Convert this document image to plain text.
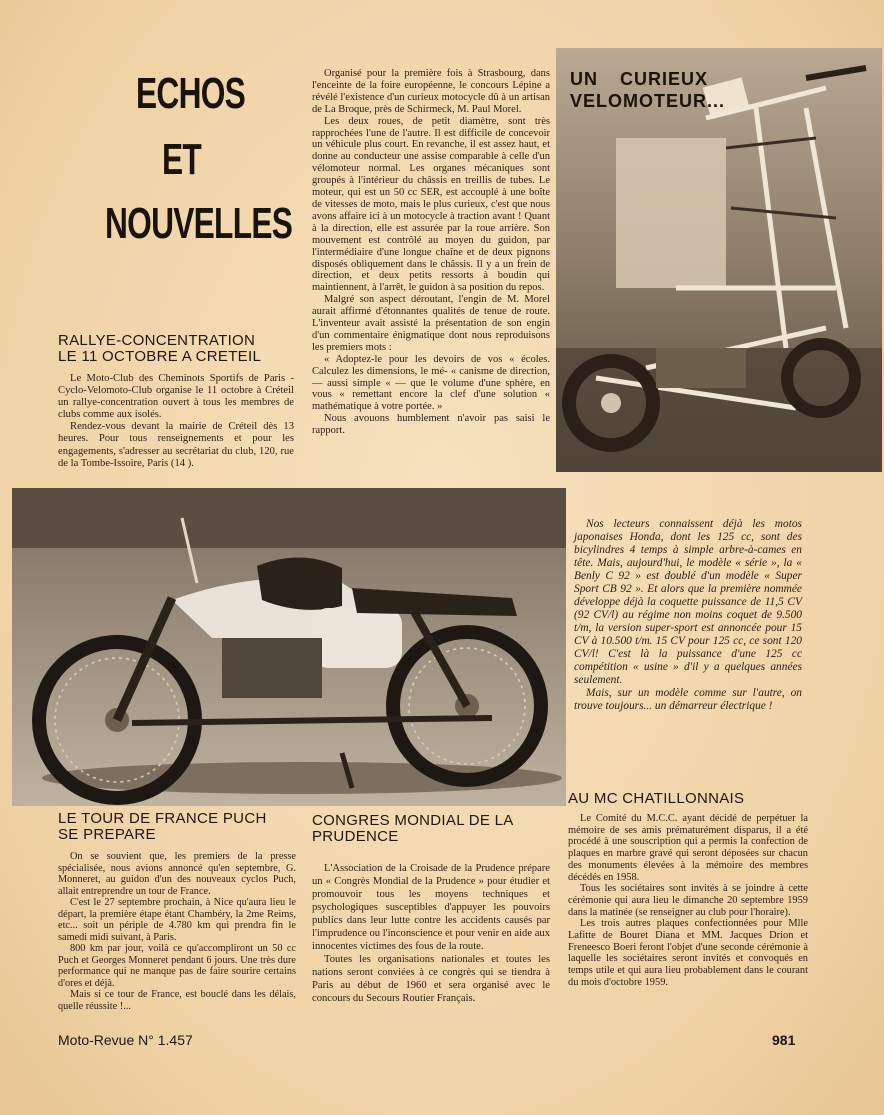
ECHOS
ET
NOUVELLES
RALLYE-CONCENTRATION
LE 11 OCTOBRE A CRETEIL

Le Moto-Club des Cheminots Sportifs de Paris - Cyclo-Velomoto-Club organise le 11 octobre à Créteil un rallye-concentration ouvert à tous les membres de clubs comme aux isolés.

Rendez-vous devant la mairie de Créteil dès 13 heures. Pour tous renseignements et pour les engagements, s'adresser au secrétariat du club, 120, rue de la Tombe-Issoire, Paris (14 ).

Organisé pour la première fois à Strasbourg, dans l'enceinte de la foire européenne, le concours Lépine a révélé l'existence d'un curieux motocycle dû à un artisan de La Broque, près de Schirmeck, M. Paul Morel.

Les deux roues, de petit diamètre, sont très rapprochées l'une de l'autre. Il est difficile de concevoir un véhicule plus court. En revanche, il est assez haut, et donne au conducteur une assise comparable à celle d'un vélomoteur normal. Les organes mécaniques sont groupés à l'intérieur du châssis en treillis de tubes. Le moteur, qui est un 50 cc SER, est accouplé à une boîte de vitesses de moto, mais le plus curieux, c'est que nous avons affaire ici à un motocycle à traction avant ! Quant à la direction, elle est assurée par la roue arrière. Son mouvement est contrôlé au moyen du guidon, par l'intermédiaire d'une longue chaîne et de deux pignons disposés obliquement dans le châssis. Il y a un frein de direction, et deux petits ressorts à boudin qui maintiennent, à l'arrêt, le guidon à sa position du repos.

Malgré son aspect déroutant, l'engin de M. Morel aurait affirmé d'étonnantes qualités de tenue de route. L'inventeur avait assisté la présentation de son engin d'un commentaire énigmatique dont nous reproduisons les premiers mots :

« Adoptez-le pour les devoirs de vos « écoles. Calculez les dimensions, le mé- « canisme de direction, — aussi simple « — que le volume d'une sphère, en vous « remettant encore la clef d'une solution « mathématique à votre portée. »

Nous avouons humblement n'avoir pas saisi le rapport.

UN CURIEUX
VELOMOTEUR...

Nos lecteurs connaissent déjà les motos japonaises Honda, dont les 125 cc, sont des bicylindres 4 temps à simple arbre-à-cames en tête. Mais, aujourd'hui, le modèle « série », la « Benly C 92 » est doublé d'un modèle « Super Sport CB 92 ». Et alors que la première nommée développe déjà la coquette puissance de 11,5 CV (92 CV/l) au régime non moins coquet de 9.500 t/m, la version super-sport est annoncée pour 15 CV à 10.500 t/m. 15 CV pour 125 cc, ce sont 120 CV/l! C'est là la puissance d'une 125 cc compétition « usine » d'il y a quelques années seulement.

Mais, sur un modèle comme sur l'autre, on trouve toujours... un démarreur électrique !

LE TOUR DE FRANCE PUCH
SE PREPARE

On se souvient que, les premiers de la presse spécialisée, nous avions annoncé qu'en septembre, G. Monneret, au guidon d'un des nouveaux cyclos Puch, allait entreprendre un tour de France.

C'est le 27 septembre prochain, à Nice qu'aura lieu le départ, la première étape étant Chambéry, la 2me Reims, etc... soit un périple de 4.780 km qui prendra fin le samedi midi suivant, à Paris.

800 km par jour, voilà ce qu'accompliront un 50 cc Puch et Georges Monneret pendant 6 jours. Une très dure performance qui ne manque pas de faire sourire certains d'ores et déjà.

Mais si ce tour de France, est bouclé dans les délais, quelle réussite !...

CONGRES MONDIAL DE LA
PRUDENCE

L'Association de la Croisade de la Prudence prépare un « Congrès Mondial de la Prudence » pour étudier et promouvoir tous les moyens techniques et psychologiques susceptibles d'appuyer les pouvoirs publics dans leur lutte contre les accidents causés par l'imprudence ou l'inconscience et pour venir en aide aux innocentes victimes des fous de la route.

Toutes les organisations nationales et toutes les nations seront conviées à ce congrès qui se tiendra à Paris au début de 1960 et sera organisé avec le concours du Secours Routier Français.

AU MC CHATILLONNAIS

Le Comité du M.C.C. ayant décidé de perpétuer la mémoire de ses amis prématurément disparus, il a été procédé à une souscription qui a permis la confection de plaques en marbre gravé qui seront déposées sur chacun des monuments élevées à la mémoire des membres décédés en 1958.

Tous les sociétaires sont invités à se joindre à cette cérémonie qui aura lieu le dimanche 20 septembre 1959 dans la matinée (se renseigner au club pour l'horaire).

Les trois autres plaques confectionnées pour Mlle Lafitte de Bouret Diana et MM. Jacques Drion et Freneesco Boeri feront l'objet d'une seconde cérémonie à laquelle les sociétaires seront invités et convoqués en temps utile et qui aura lieu probablement dans le courant du mois d'octobre 1959.

Moto-Revue N° 1.457	981
